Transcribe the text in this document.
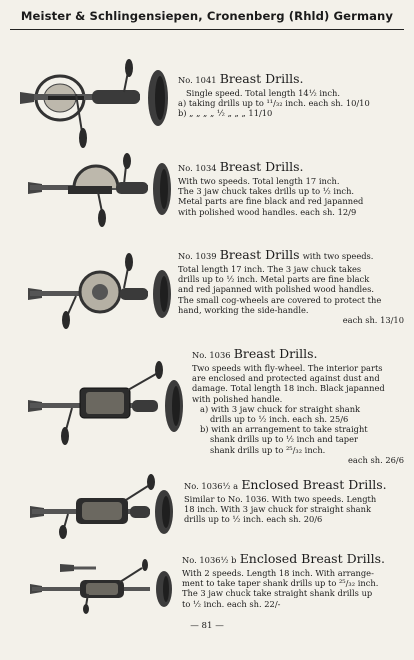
Meister & Schlingensiepen, Cronenberg (Rhld) Germany
No. 1041 Breast Drills.
Single speed. Total length 14½ inch.
a) taking drills up to ¹¹/₃₂ inch. each sh. 10/10
b) „ „ „ „ ½ „ „ „ 11/10
No. 1034 Breast Drills.
With two speeds. Total length 17 inch.
The 3 jaw chuck takes drills up to ½ inch.
Metal parts are fine black and red japanned
with polished wood handles. each sh. 12/9
No. 1039 Breast Drills with two speeds.
Total length 17 inch. The 3 jaw chuck takes
drills up to ½ inch. Metal parts are fine black
and red japanned with polished wood handles.
The small cog-wheels are covered to protect the
hand, working the side-handle.
each sh. 13/10
No. 1036 Breast Drills.
Two speeds with fly-wheel. The interior parts
are enclosed and protected against dust and
damage. Total length 18 inch. Black japanned
with polished handle.
a) with 3 jaw chuck for straight shank
drills up to ½ inch. each sh. 25/6
b) with an arrangement to take straight
shank drills up to ½ inch and taper
shank drills up to ²⁵/₃₂ inch.
each sh. 26/6
No. 1036½ a Enclosed Breast Drills.
Similar to No. 1036. With two speeds. Length
18 inch. With 3 jaw chuck for straight shank
drills up to ½ inch. each sh. 20/6
No. 1036½ b Enclosed Breast Drills.
With 2 speeds. Length 18 inch. With arrange-
ment to take taper shank drills up to ²⁵/₃₂ inch.
The 3 jaw chuck take straight shank drills up
to ½ inch. each sh. 22/-
— 81 —
